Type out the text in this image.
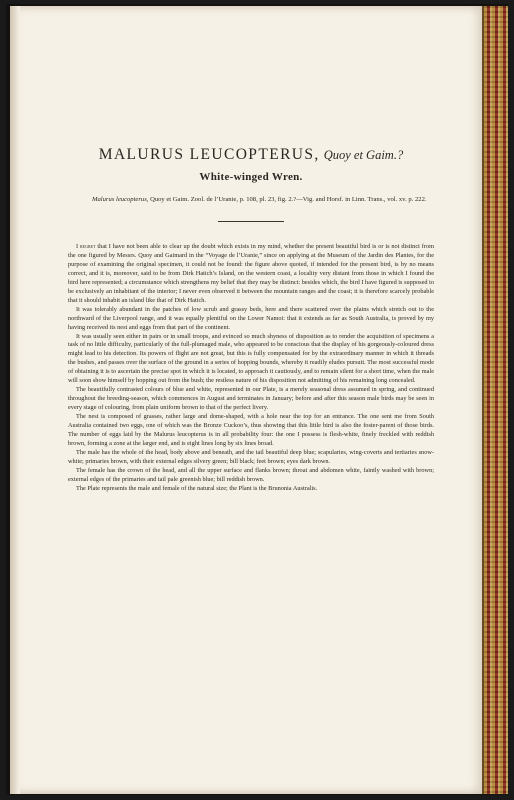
MALURUS LEUCOPTERUS, Quoy et Gaim.?
White-winged Wren.

Malurus leucopterus, Quoy et Gaim. Zool. de l’Uranie, p. 108, pl. 23, fig. 2.?—Vig. and Horsf. in Linn. Trans., vol. xv. p. 222.

I regret that I have not been able to clear up the doubt which exists in my mind, whether the present beautiful bird is or is not distinct from the one figured by Messrs. Quoy and Gaimard in the “Voyage de l’Uranie,” since on applying at the Museum of the Jardin des Plantes, for the purpose of examining the original specimen, it could not be found: the figure above quoted, if intended for the present bird, is by no means correct, and it is, moreover, said to be from Dirk Hatich’s Island, on the western coast, a locality very distant from those in which I found the bird here represented; a circumstance which strengthens my belief that they may be distinct: besides which, the bird I have figured is supposed to be exclusively an inhabitant of the interior; I never even observed it between the mountain ranges and the coast; it is therefore scarcely probable that it should inhabit an island like that of Dirk Hatich.

It was tolerably abundant in the patches of low scrub and grassy beds, here and there scattered over the plains which stretch out to the northward of the Liverpool range, and it was equally plentiful on the Lower Namoi: that it extends as far as South Australia, is proved by my having received its nest and eggs from that part of the continent.

It was usually seen either in pairs or in small troops, and evinced so much shyness of disposition as to render the acquisition of specimens a task of no little difficulty, particularly of the full-plumaged male, who appeared to be conscious that the display of his gorgeously-coloured dress might lead to his detection. Its powers of flight are not great, but this is fully compensated for by the extraordinary manner in which it threads the bushes, and passes over the surface of the ground in a series of hopping bounds, whereby it readily eludes pursuit. The most successful mode of obtaining it is to ascertain the precise spot in which it is located, to approach it cautiously, and to remain silent for a short time, when the male will soon show himself by hopping out from the bush; the restless nature of his disposition not admitting of his remaining long concealed.

The beautifully contrasted colours of blue and white, represented in our Plate, is a merely seasonal dress assumed in spring, and continued throughout the breeding-season, which commences in August and terminates in January; before and after this season male birds may be seen in every stage of colouring, from plain uniform brown to that of the perfect livery.

The nest is composed of grasses, rather large and dome-shaped, with a hole near the top for an entrance. The one sent me from South Australia contained two eggs, one of which was the Bronze Cuckoo’s, thus showing that this little bird is also the foster-parent of those birds. The number of eggs laid by the Malurus leucopterus is in all probability four: the one I possess is flesh-white, finely freckled with reddish brown, forming a zone at the larger end, and is eight lines long by six lines broad.

The male has the whole of the head, body above and beneath, and the tail beautiful deep blue; scapularies, wing-coverts and tertiaries snow-white; primaries brown, with their external edges silvery green; bill black; feet brown; eyes dark brown.

The female has the crown of the head, and all the upper surface and flanks brown; throat and abdomen white, faintly washed with brown; external edges of the primaries and tail pale greenish blue; bill reddish brown.

The Plate represents the male and female of the natural size; the Plant is the Brunonia Australis.
